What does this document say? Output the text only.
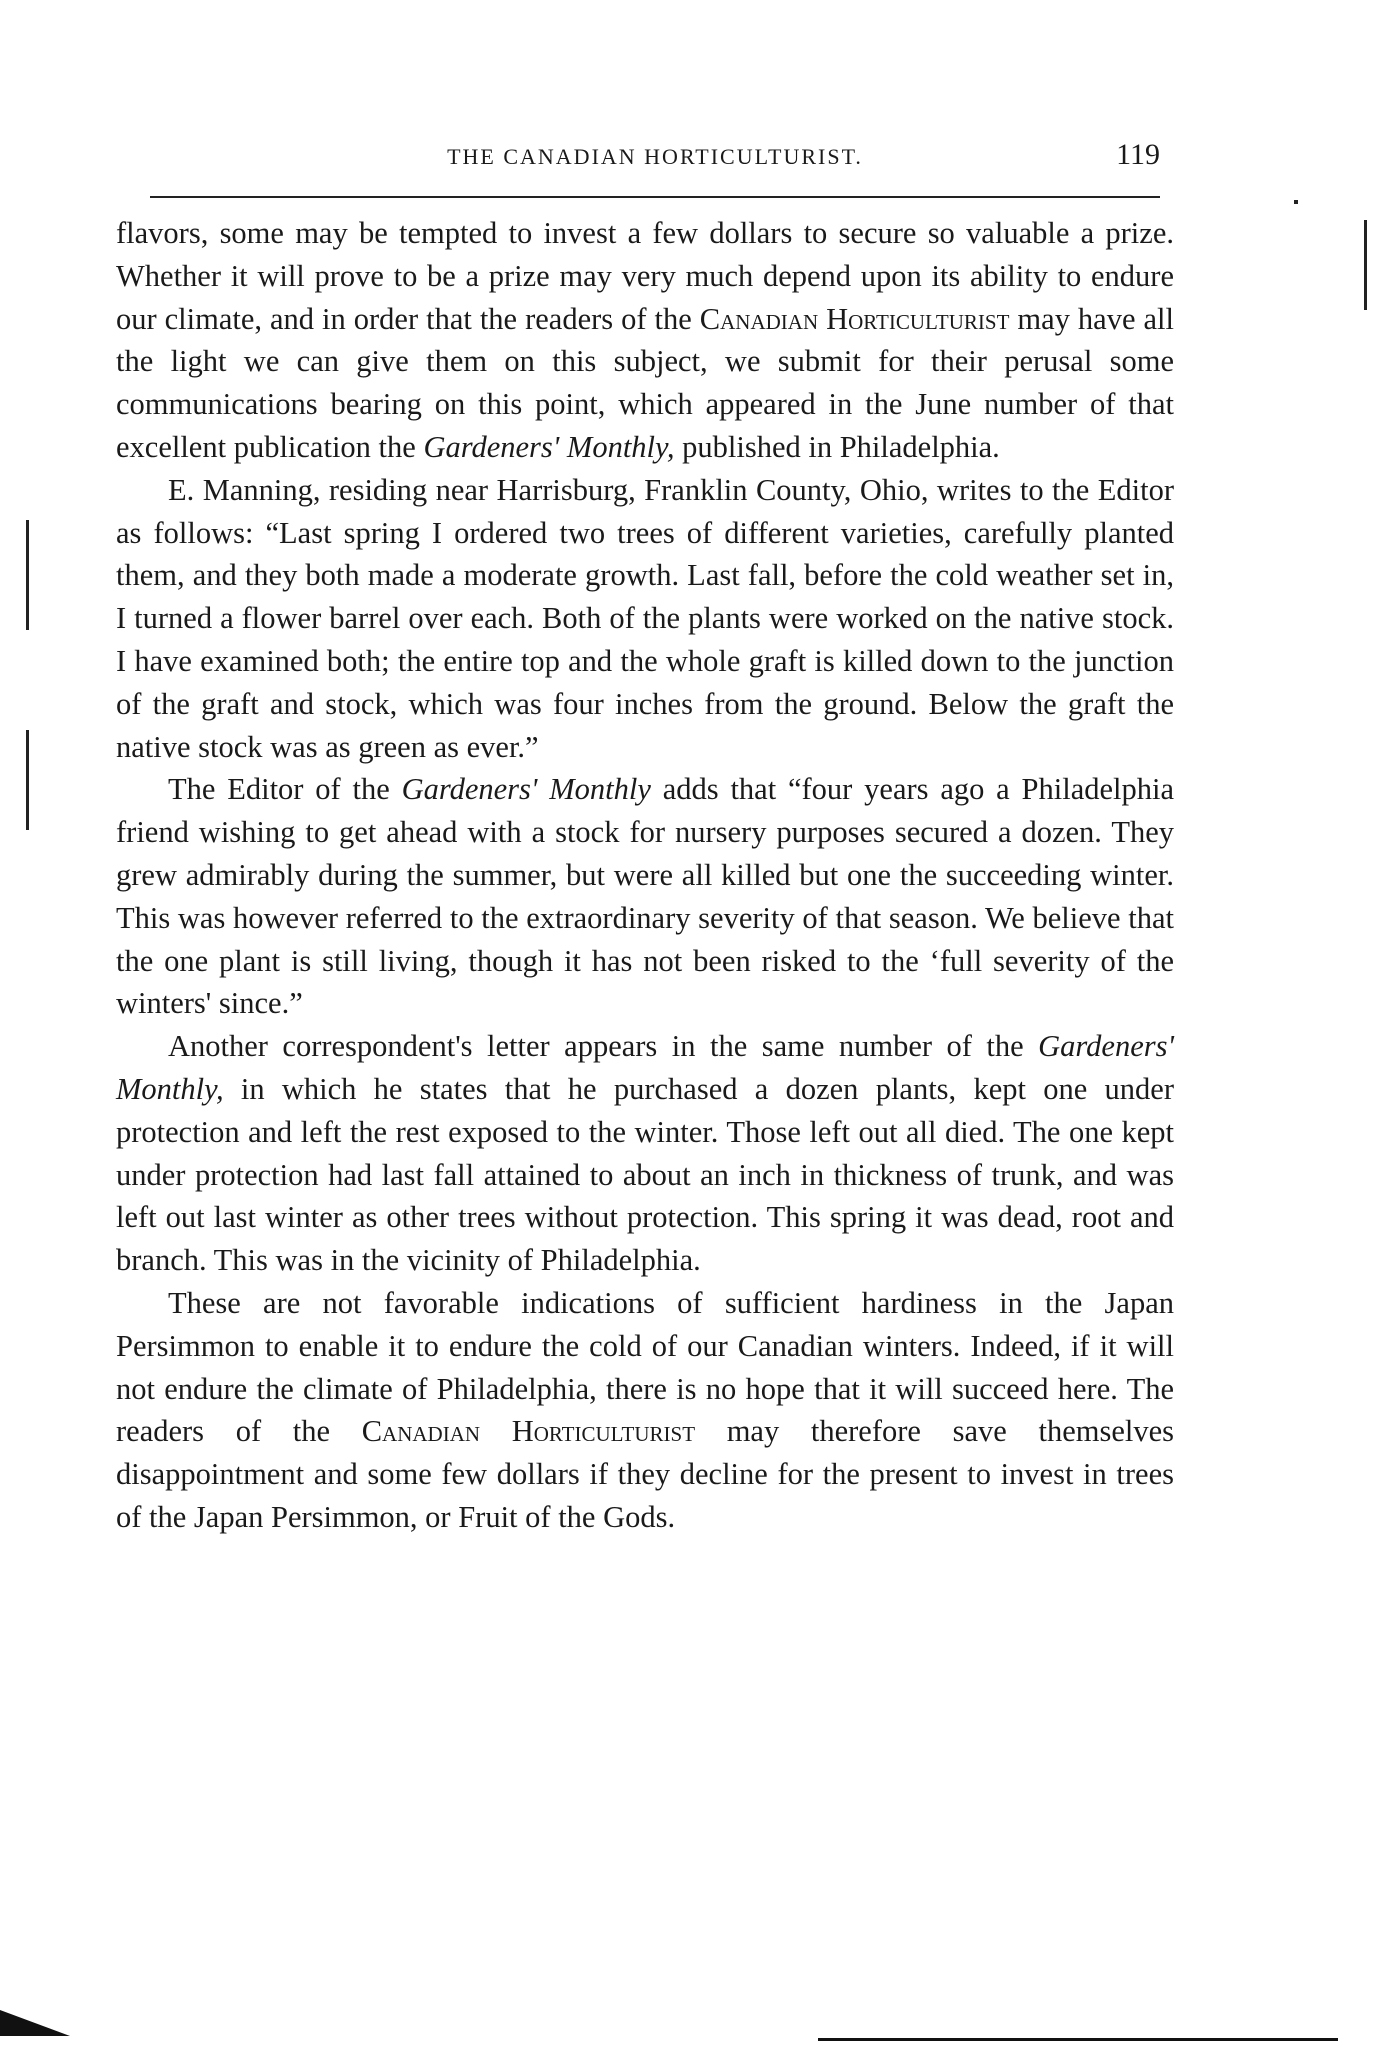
THE CANADIAN HORTICULTURIST.	119

flavors, some may be tempted to invest a few dollars to secure so valuable a prize. Whether it will prove to be a prize may very much depend upon its ability to endure our climate, and in order that the readers of the Canadian Horticulturist may have all the light we can give them on this subject, we submit for their perusal some communications bearing on this point, which appeared in the June number of that excellent publication the Gardeners' Monthly, published in Philadelphia.

E. Manning, residing near Harrisburg, Franklin County, Ohio, writes to the Editor as follows: “Last spring I ordered two trees of different varieties, carefully planted them, and they both made a moderate growth. Last fall, before the cold weather set in, I turned a flower barrel over each. Both of the plants were worked on the native stock. I have examined both; the entire top and the whole graft is killed down to the junction of the graft and stock, which was four inches from the ground. Below the graft the native stock was as green as ever.”

The Editor of the Gardeners' Monthly adds that “four years ago a Philadelphia friend wishing to get ahead with a stock for nursery purposes secured a dozen. They grew admirably during the summer, but were all killed but one the succeeding winter. This was however referred to the extraordinary severity of that season. We believe that the one plant is still living, though it has not been risked to the ‘full severity of the winters' since.”

Another correspondent's letter appears in the same number of the Gardeners' Monthly, in which he states that he purchased a dozen plants, kept one under protection and left the rest exposed to the winter. Those left out all died. The one kept under protection had last fall attained to about an inch in thickness of trunk, and was left out last winter as other trees without protection. This spring it was dead, root and branch. This was in the vicinity of Philadelphia.

These are not favorable indications of sufficient hardiness in the Japan Persimmon to enable it to endure the cold of our Canadian winters. Indeed, if it will not endure the climate of Philadelphia, there is no hope that it will succeed here. The readers of the Canadian Horticulturist may therefore save themselves disappointment and some few dollars if they decline for the present to invest in trees of the Japan Persimmon, or Fruit of the Gods.
